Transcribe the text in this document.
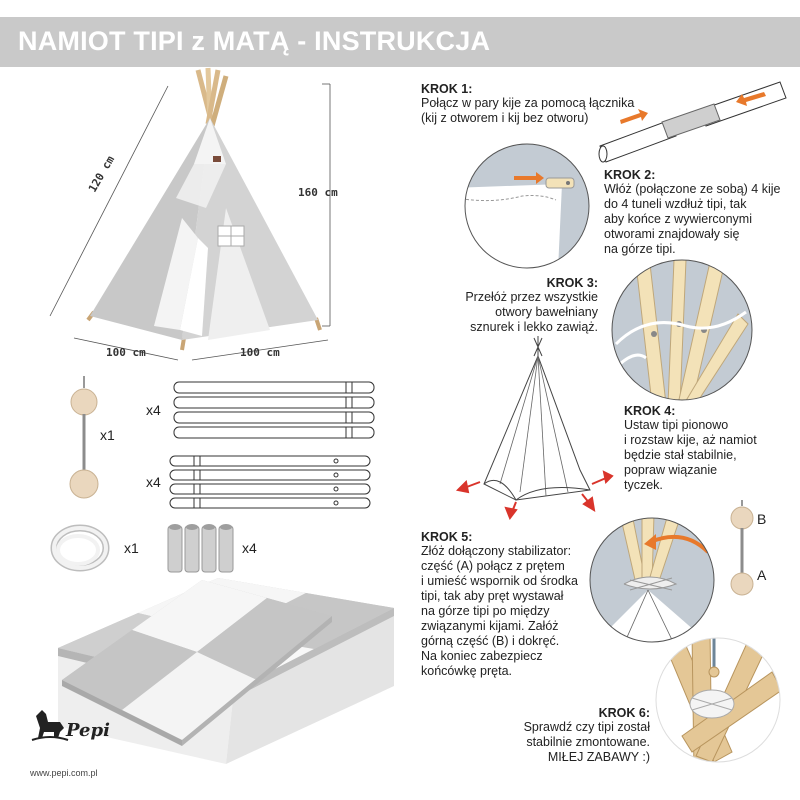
NAMIOT TIPI z MATĄ - INSTRUKCJA
120 cm	160 cm
100 cm	100 cm
x1
x4
x4
x1	x4
Pepi
www.pepi.com.pl
KROK 1:
Połącz w pary kije za pomocą łącznika
(kij z otworem i kij bez otworu)
KROK 2:
Włóż (połączone ze sobą) 4 kije
do 4 tuneli wzdłuż tipi, tak
aby końce z wywierconymi
otworami znajdowały się
na górze tipi.
KROK 3:
Przełóż przez wszystkie
otwory bawełniany
sznurek i lekko zawiąż.
KROK 4:
Ustaw tipi pionowo
i rozstaw kije, aż namiot
będzie stał stabilnie,
popraw wiązanie tyczek.
KROK 5:
Złóż dołączony stabilizator:
część (A) połącz z prętem
i umieść wspornik od środka
tipi, tak aby pręt wystawał
na górze tipi po między
związanymi kijami. Załóż
górną część (B) i dokręć.
Na koniec zabezpiecz
końcówkę pręta.
B
A
KROK 6:
Sprawdź czy tipi został
stabilnie zmontowane.
MIŁEJ ZABAWY :)
